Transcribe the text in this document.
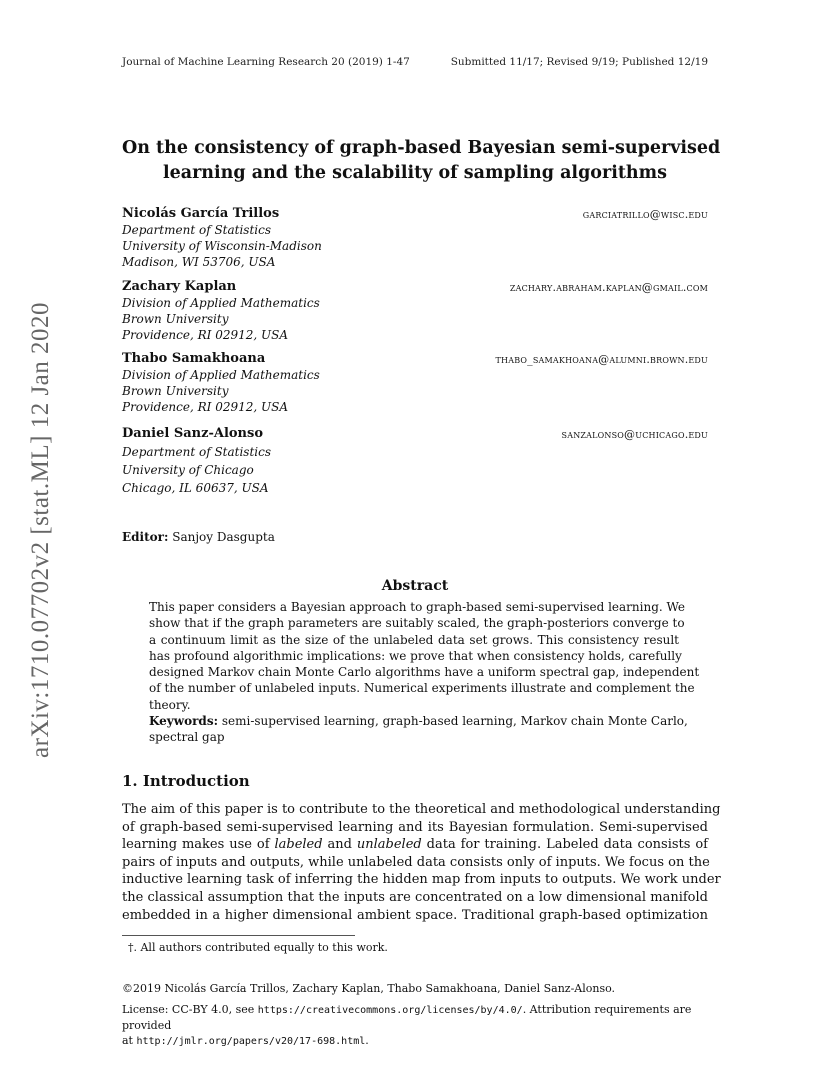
Journal of Machine Learning Research 20 (2019) 1-47	Submitted 11/17; Revised 9/19; Published 12/19
arXiv:1710.07702v2 [stat.ML] 12 Jan 2020
On the consistency of graph-based Bayesian semi-supervised
learning and the scalability of sampling algorithms
Nicolás García Trillos	garciatrillo@wisc.edu
Department of Statistics
University of Wisconsin-Madison
Madison, WI 53706, USA
Zachary Kaplan	zachary.abraham.kaplan@gmail.com
Division of Applied Mathematics
Brown University
Providence, RI 02912, USA
Thabo Samakhoana	thabo_samakhoana@alumni.brown.edu
Division of Applied Mathematics
Brown University
Providence, RI 02912, USA
Daniel Sanz-Alonso	sanzalonso@uchicago.edu
Department of Statistics
University of Chicago
Chicago, IL 60637, USA
Editor: Sanjoy Dasgupta
Abstract
This paper considers a Bayesian approach to graph-based semi-supervised learning. We
show that if the graph parameters are suitably scaled, the graph-posteriors converge to
a continuum limit as the size of the unlabeled data set grows. This consistency result
has profound algorithmic implications: we prove that when consistency holds, carefully
designed Markov chain Monte Carlo algorithms have a uniform spectral gap, independent
of the number of unlabeled inputs. Numerical experiments illustrate and complement the
theory.
Keywords: semi-supervised learning, graph-based learning, Markov chain Monte Carlo,
spectral gap
1. Introduction
The aim of this paper is to contribute to the theoretical and methodological understanding
of graph-based semi-supervised learning and its Bayesian formulation. Semi-supervised
learning makes use of labeled and unlabeled data for training. Labeled data consists of
pairs of inputs and outputs, while unlabeled data consists only of inputs. We focus on the
inductive learning task of inferring the hidden map from inputs to outputs. We work under
the classical assumption that the inputs are concentrated on a low dimensional manifold
embedded in a higher dimensional ambient space. Traditional graph-based optimization
†. All authors contributed equally to this work.
©2019 Nicolás García Trillos, Zachary Kaplan, Thabo Samakhoana, Daniel Sanz-Alonso.
License: CC-BY 4.0, see https://creativecommons.org/licenses/by/4.0/. Attribution requirements are provided
at http://jmlr.org/papers/v20/17-698.html.
